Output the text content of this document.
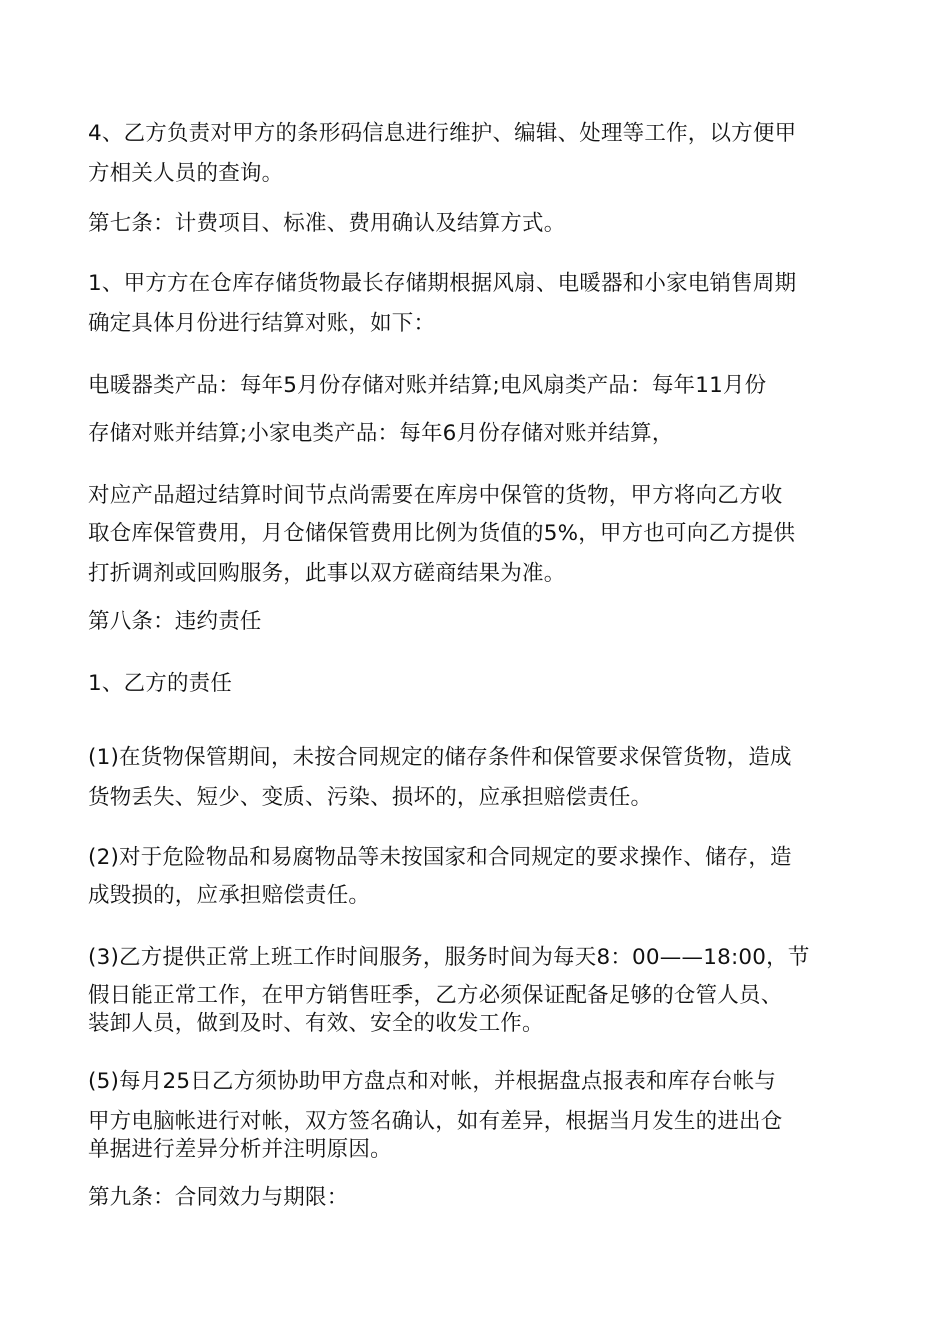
4、乙方负责对甲方的条形码信息进行维护、编辑、处理等工作，以方便甲
方相关人员的查询。
第七条：计费项目、标准、费用确认及结算方式。
1、甲方方在仓库存储货物最长存储期根据风扇、电暖器和小家电销售周期
确定具体月份进行结算对账，如下：
电暖器类产品：每年5月份存储对账并结算;电风扇类产品：每年11月份
存储对账并结算;小家电类产品：每年6月份存储对账并结算，
对应产品超过结算时间节点尚需要在库房中保管的货物，甲方将向乙方收
取仓库保管费用，月仓储保管费用比例为货值的5%，甲方也可向乙方提供
打折调剂或回购服务，此事以双方磋商结果为准。
第八条：违约责任
1、乙方的责任
(1)在货物保管期间，未按合同规定的储存条件和保管要求保管货物，造成
货物丢失、短少、变质、污染、损坏的，应承担赔偿责任。
(2)对于危险物品和易腐物品等未按国家和合同规定的要求操作、储存，造
成毁损的，应承担赔偿责任。
(3)乙方提供正常上班工作时间服务，服务时间为每天8：00——18:00，节
假日能正常工作，在甲方销售旺季，乙方必须保证配备足够的仓管人员、
装卸人员，做到及时、有效、安全的收发工作。
(5)每月25日乙方须协助甲方盘点和对帐，并根据盘点报表和库存台帐与
甲方电脑帐进行对帐，双方签名确认，如有差异，根据当月发生的进出仓
单据进行差异分析并注明原因。
第九条：合同效力与期限：
